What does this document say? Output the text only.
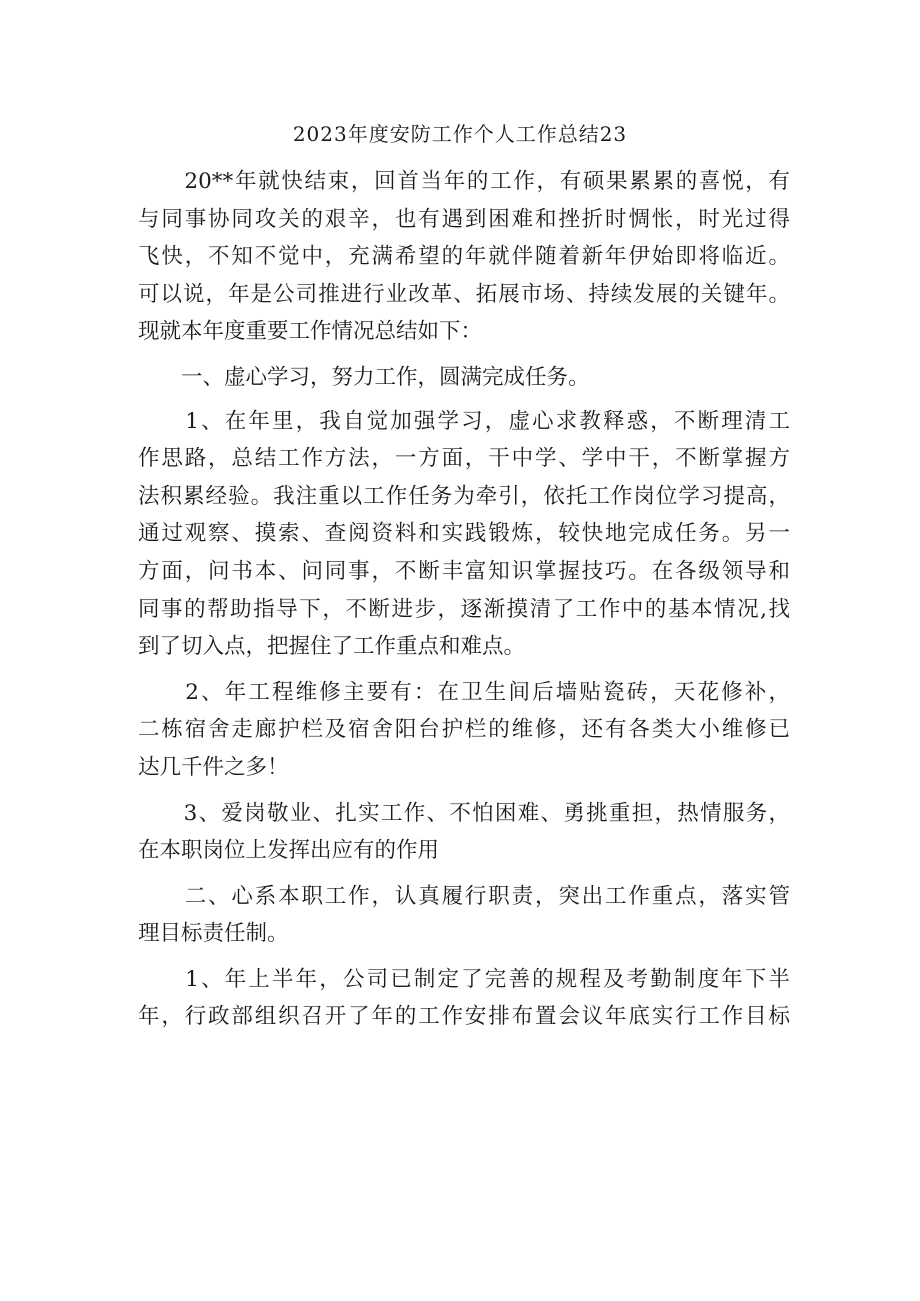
2023年度安防工作个人工作总结23
　　20**年就快结束，回首当年的工作，有硕果累累的喜悦，有
与同事协同攻关的艰辛，也有遇到困难和挫折时惆怅，时光过得
飞快，不知不觉中，充满希望的年就伴随着新年伊始即将临近。
可以说，年是公司推进行业改革、拓展市场、持续发展的关键年。
现就本年度重要工作情况总结如下：
　　一、虚心学习，努力工作，圆满完成任务。
　　1、在年里，我自觉加强学习，虚心求教释惑，不断理清工
作思路，总结工作方法，一方面，干中学、学中干，不断掌握方
法积累经验。我注重以工作任务为牵引，依托工作岗位学习提高，
通过观察、摸索、查阅资料和实践锻炼，较快地完成任务。另一
方面，问书本、问同事，不断丰富知识掌握技巧。在各级领导和
同事的帮助指导下，不断进步，逐渐摸清了工作中的基本情况,找
到了切入点，把握住了工作重点和难点。
　　2、年工程维修主要有：在卫生间后墙贴瓷砖，天花修补，
二栋宿舍走廊护栏及宿舍阳台护栏的维修，还有各类大小维修已
达几千件之多！
　　3、爱岗敬业、扎实工作、不怕困难、勇挑重担，热情服务，
在本职岗位上发挥出应有的作用
　　二、心系本职工作，认真履行职责，突出工作重点，落实管
理目标责任制。
　　1、年上半年，公司已制定了完善的规程及考勤制度年下半
年，行政部组织召开了年的工作安排布置会议年底实行工作目标
